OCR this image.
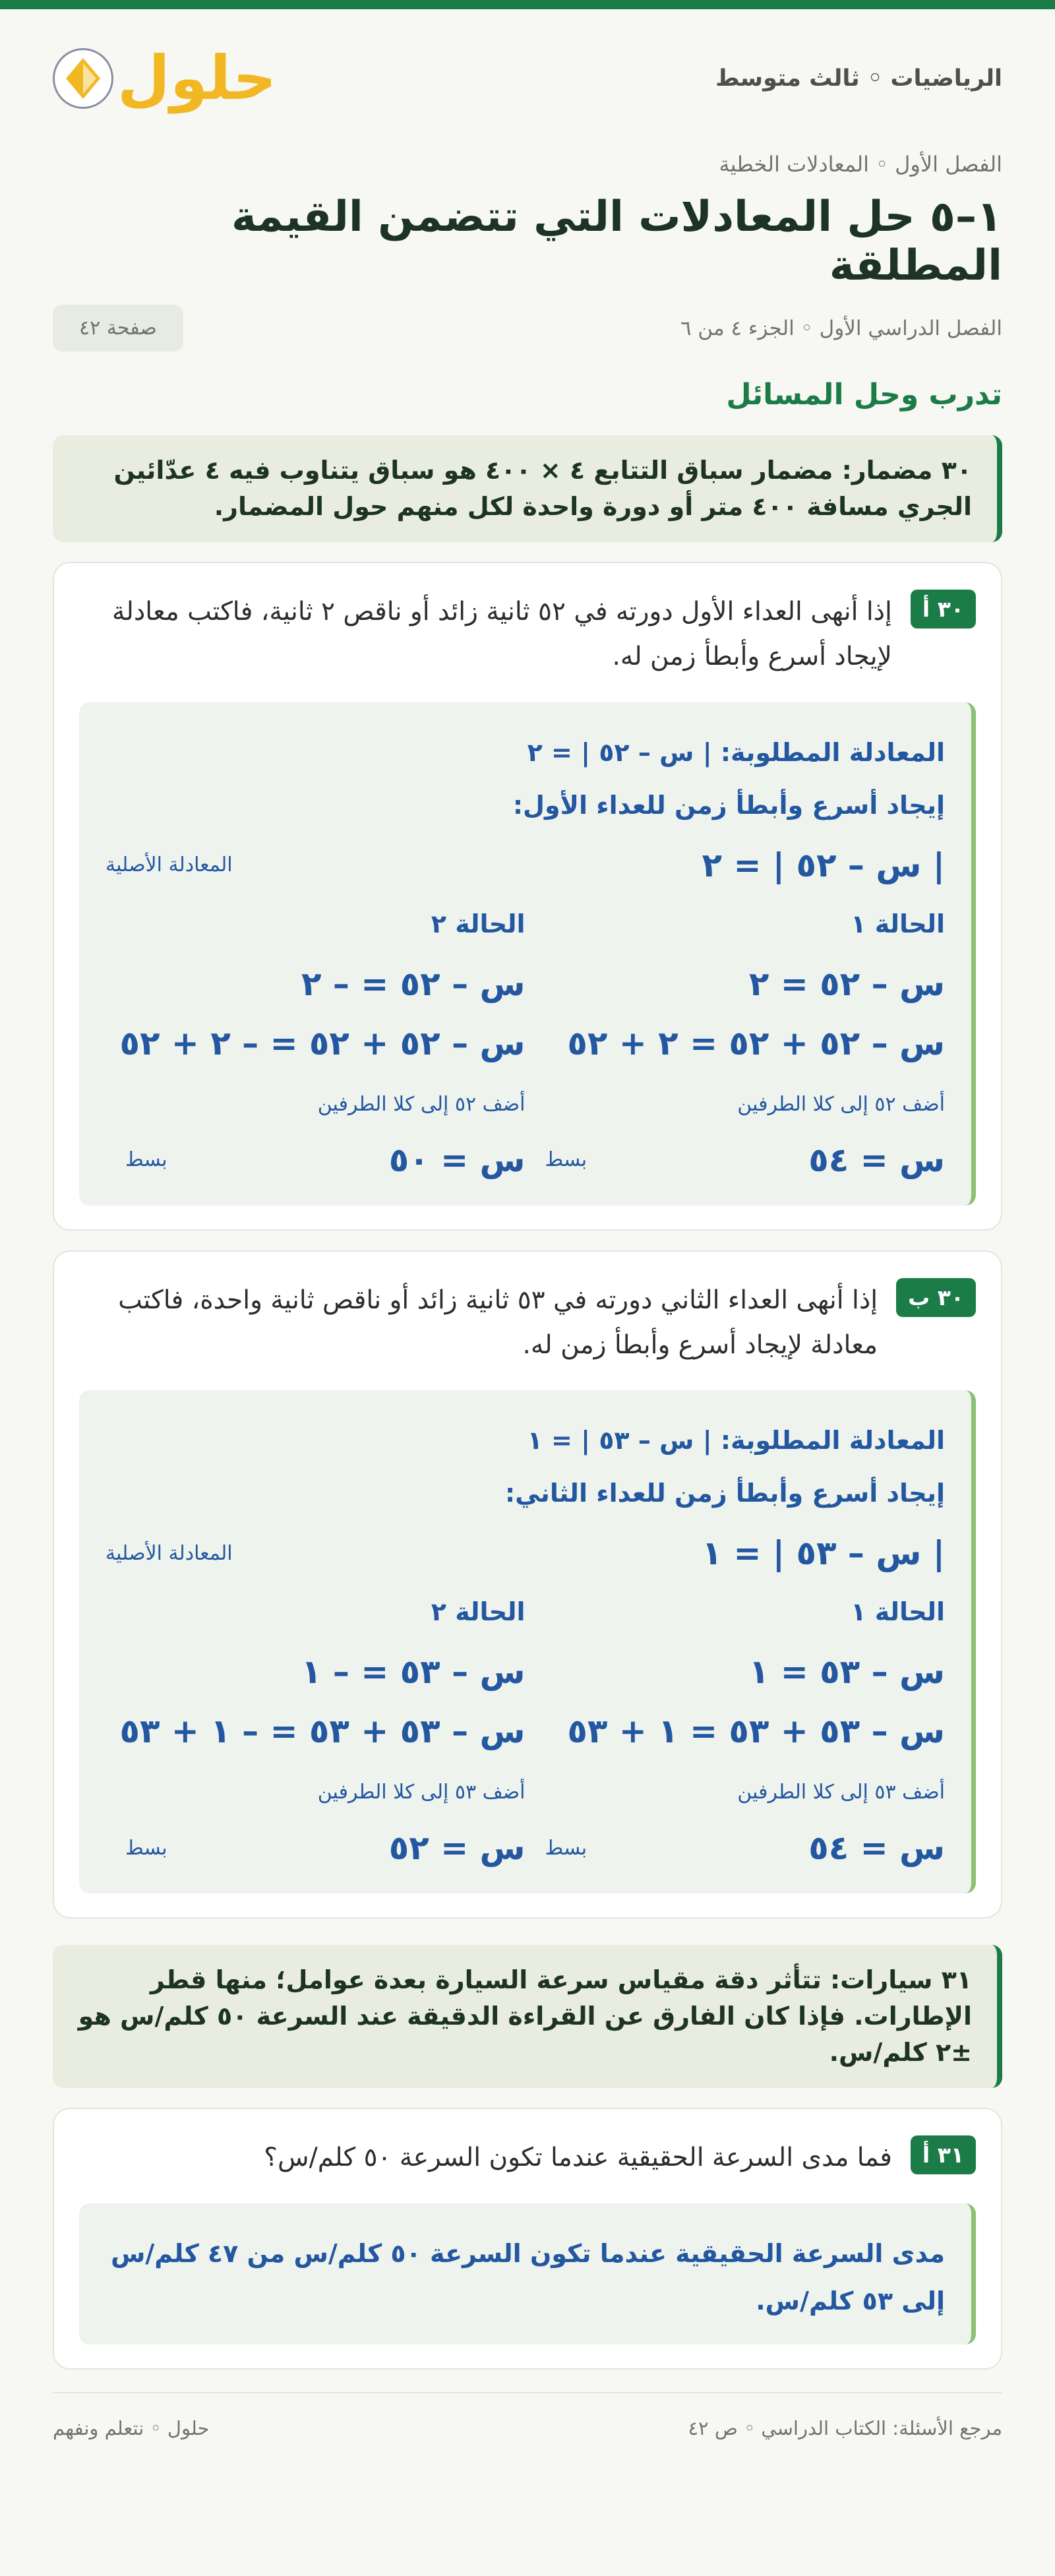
الرياضيات ◦ ثالث متوسط
حلول
الفصل الأول ◦ المعادلات الخطية
١–٥ حل المعادلات التي تتضمن القيمة المطلقة
الفصل الدراسي الأول ◦ الجزء ٤ من ٦
صفحة ٤٢
تدرب وحل المسائل
٣٠ مضمار: مضمار سباق التتابع ٤ × ٤٠٠ هو سباق يتناوب فيه ٤ عدّائين الجري مسافة ٤٠٠ متر أو دورة واحدة لكل منهم حول المضمار.
٣٠ أ

إذا أنهى العداء الأول دورته في ٥٢ ثانية زائد أو ناقص ٢ ثانية، فاكتب معادلة لإيجاد أسرع وأبطأ زمن له.

المعادلة المطلوبة: | س – ٥٢ | = ٢
إيجاد أسرع وأبطأ زمن للعداء الأول:
| س – ٥٢ | = ٢
المعادلة الأصلية
الحالة ١
س – ٥٢ = ٢
س – ٥٢ + ٥٢ = ٢ + ٥٢
أضف ٥٢ إلى كلا الطرفين
س = ٥٤
بسط
الحالة ٢
س – ٥٢ = – ٢
س – ٥٢ + ٥٢ = – ٢ + ٥٢
أضف ٥٢ إلى كلا الطرفين
س = ٥٠
بسط
٣٠ ب

إذا أنهى العداء الثاني دورته في ٥٣ ثانية زائد أو ناقص ثانية واحدة، فاكتب معادلة لإيجاد أسرع وأبطأ زمن له.

المعادلة المطلوبة: | س – ٥٣ | = ١
إيجاد أسرع وأبطأ زمن للعداء الثاني:
| س – ٥٣ | = ١
المعادلة الأصلية
الحالة ١
س – ٥٣ = ١
س – ٥٣ + ٥٣ = ١ + ٥٣
أضف ٥٣ إلى كلا الطرفين
س = ٥٤
بسط
الحالة ٢
س – ٥٣ = – ١
س – ٥٣ + ٥٣ = – ١ + ٥٣
أضف ٥٣ إلى كلا الطرفين
س = ٥٢
بسط
٣١ سيارات: تتأثر دقة مقياس سرعة السيارة بعدة عوامل؛ منها قطر الإطارات. فإذا كان الفارق عن القراءة الدقيقة عند السرعة ٥٠ كلم/س هو ±٢ كلم/س.
٣١ أ

فما مدى السرعة الحقيقية عندما تكون السرعة ٥٠ كلم/س؟

مدى السرعة الحقيقية عندما تكون السرعة ٥٠ كلم/س من ٤٧ كلم/س إلى ٥٣ كلم/س.

مرجع الأسئلة: الكتاب الدراسي ◦ ص ٤٢
حلول ◦ نتعلم ونفهم
